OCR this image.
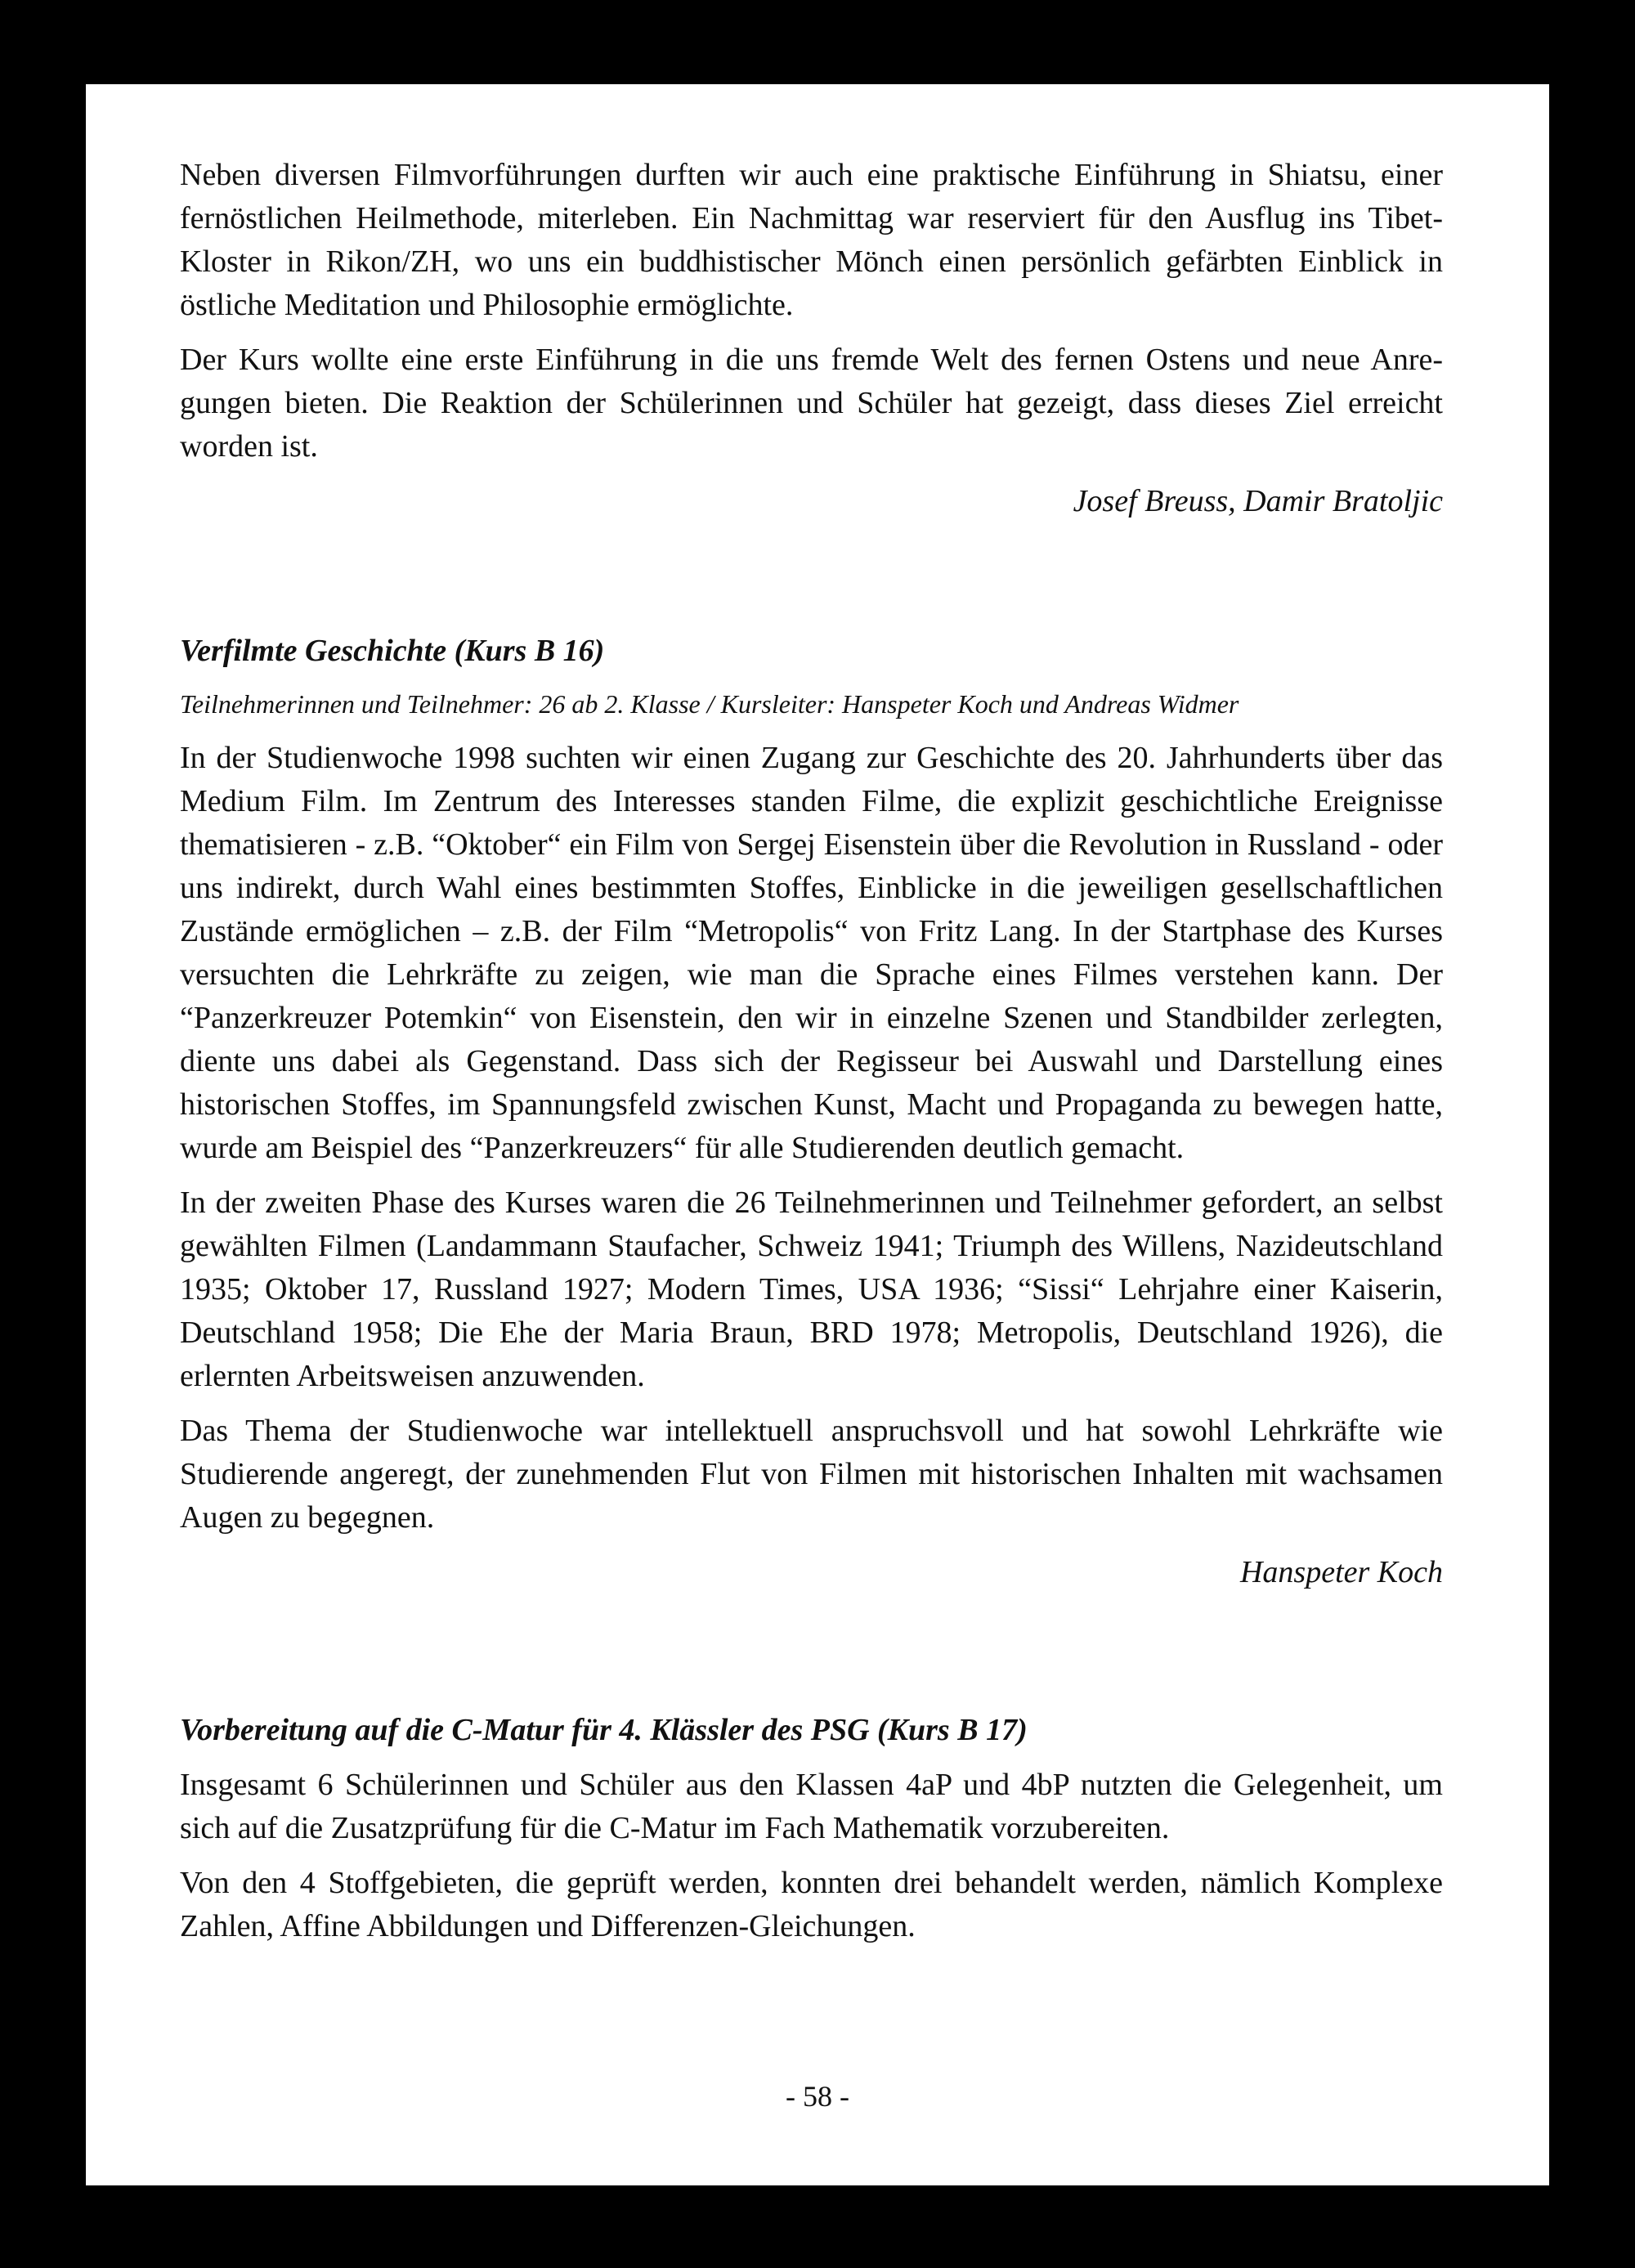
Neben diversen Filmvorführungen durften wir auch eine praktische Einführung in Shiatsu, einer fernöstlichen Heilmethode, miterleben. Ein Nachmittag war reserviert für den Ausflug ins Tibet-Kloster in Rikon/ZH, wo uns ein buddhistischer Mönch einen persönlich gefärbten Einblick in östliche Meditation und Philosophie ermöglichte.

Der Kurs wollte eine erste Einführung in die uns fremde Welt des fernen Ostens und neue Anregungen bieten. Die Reaktion der Schülerinnen und Schüler hat gezeigt, dass dieses Ziel erreicht worden ist.

Josef Breuss, Damir Bratoljic

Verfilmte Geschichte (Kurs B 16)
Teilnehmerinnen und Teilnehmer: 26 ab 2. Klasse / Kursleiter: Hanspeter Koch und Andreas Widmer

In der Studienwoche 1998 suchten wir einen Zugang zur Geschichte des 20. Jahrhunderts über das Medium Film. Im Zentrum des Interesses standen Filme, die explizit geschichtliche Ereignisse thematisieren - z.B. “Oktober“ ein Film von Sergej Eisenstein über die Revolution in Russland - oder uns indirekt, durch Wahl eines bestimmten Stoffes, Einblicke in die jeweiligen gesellschaftlichen Zustände ermöglichen – z.B. der Film “Metropolis“ von Fritz Lang. In der Startphase des Kurses versuchten die Lehrkräfte zu zeigen, wie man die Sprache eines Filmes verstehen kann. Der “Panzerkreuzer Potemkin“ von Eisenstein, den wir in einzelne Szenen und Standbilder zerlegten, diente uns dabei als Gegenstand. Dass sich der Regisseur bei Auswahl und Darstellung eines historischen Stoffes, im Spannungsfeld zwischen Kunst, Macht und Propaganda zu bewegen hatte, wurde am Beispiel des “Panzerkreuzers“ für alle Studierenden deutlich gemacht.

In der zweiten Phase des Kurses waren die 26 Teilnehmerinnen und Teilnehmer gefordert, an selbst gewählten Filmen (Landammann Staufacher, Schweiz 1941; Triumph des Willens, Nazideutschland 1935; Oktober 17, Russland 1927; Modern Times, USA 1936; “Sissi“ Lehrjahre einer Kaiserin, Deutschland 1958; Die Ehe der Maria Braun, BRD 1978; Metropolis, Deutschland 1926), die erlernten Arbeitsweisen anzuwenden.

Das Thema der Studienwoche war intellektuell anspruchsvoll und hat sowohl Lehrkräfte wie Studierende angeregt, der zunehmenden Flut von Filmen mit historischen Inhalten mit wachsamen Augen zu begegnen.

Hanspeter Koch

Vorbereitung auf die C-Matur für 4. Klässler des PSG (Kurs B 17)

Insgesamt 6 Schülerinnen und Schüler aus den Klassen 4aP und 4bP nutzten die Gelegenheit, um sich auf die Zusatzprüfung für die C-Matur im Fach Mathematik vorzubereiten.

Von den 4 Stoffgebieten, die geprüft werden, konnten drei behandelt werden, nämlich Komplexe Zahlen, Affine Abbildungen und Differenzen-Gleichungen.

- 58 -
